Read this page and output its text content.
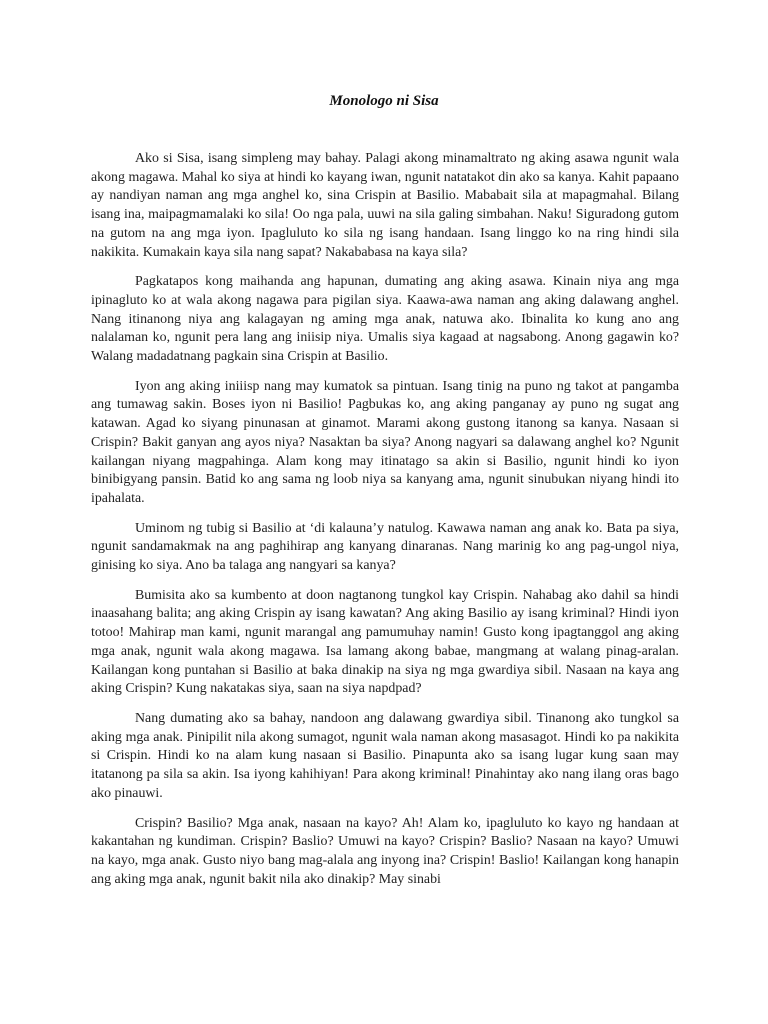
Monologo ni Sisa

Ako si Sisa, isang simpleng may bahay. Palagi akong minamaltrato ng aking asawa ngunit wala akong magawa. Mahal ko siya at hindi ko kayang iwan, ngunit natatakot din ako sa kanya. Kahit papaano ay nandiyan naman ang mga anghel ko, sina Crispin at Basilio. Mababait sila at mapagmahal. Bilang isang ina, maipagmamalaki ko sila! Oo nga pala, uuwi na sila galing simbahan. Naku! Siguradong gutom na gutom na ang mga iyon. Ipagluluto ko sila ng isang handaan. Isang linggo ko na ring hindi sila nakikita. Kumakain kaya sila nang sapat? Nakababasa na kaya sila?

Pagkatapos kong maihanda ang hapunan, dumating ang aking asawa. Kinain niya ang mga ipinagluto ko at wala akong nagawa para pigilan siya. Kaawa-awa naman ang aking dalawang anghel. Nang itinanong niya ang kalagayan ng aming mga anak, natuwa ako. Ibinalita ko kung ano ang nalalaman ko, ngunit pera lang ang iniisip niya. Umalis siya kagaad at nagsabong. Anong gagawin ko? Walang madadatnang pagkain sina Crispin at Basilio.

Iyon ang aking iniiisp nang may kumatok sa pintuan. Isang tinig na puno ng takot at pangamba ang tumawag sakin. Boses iyon ni Basilio! Pagbukas ko, ang aking panganay ay puno ng sugat ang katawan. Agad ko siyang pinunasan at ginamot. Marami akong gustong itanong sa kanya. Nasaan si Crispin? Bakit ganyan ang ayos niya? Nasaktan ba siya? Anong nagyari sa dalawang anghel ko? Ngunit kailangan niyang magpahinga. Alam kong may itinatago sa akin si Basilio, ngunit hindi ko iyon binibigyang pansin. Batid ko ang sama ng loob niya sa kanyang ama, ngunit sinubukan niyang hindi ito ipahalata.

Uminom ng tubig si Basilio at ‘di kalauna’y natulog. Kawawa naman ang anak ko. Bata pa siya, ngunit sandamakmak na ang paghihirap ang kanyang dinaranas. Nang marinig ko ang pag-ungol niya, ginising ko siya. Ano ba talaga ang nangyari sa kanya?

Bumisita ako sa kumbento at doon nagtanong tungkol kay Crispin. Nahabag ako dahil sa hindi inaasahang balita; ang aking Crispin ay isang kawatan? Ang aking Basilio ay isang kriminal? Hindi iyon totoo! Mahirap man kami, ngunit marangal ang pamumuhay namin! Gusto kong ipagtanggol ang aking mga anak, ngunit wala akong magawa. Isa lamang akong babae, mangmang at walang pinag-aralan. Kailangan kong puntahan si Basilio at baka dinakip na siya ng mga gwardiya sibil. Nasaan na kaya ang aking Crispin? Kung nakatakas siya, saan na siya napdpad?

Nang dumating ako sa bahay, nandoon ang dalawang gwardiya sibil. Tinanong ako tungkol sa aking mga anak. Pinipilit nila akong sumagot, ngunit wala naman akong masasagot. Hindi ko pa nakikita si Crispin. Hindi ko na alam kung nasaan si Basilio. Pinapunta ako sa isang lugar kung saan may itatanong pa sila sa akin. Isa iyong kahihiyan! Para akong kriminal! Pinahintay ako nang ilang oras bago ako pinauwi.

Crispin? Basilio? Mga anak, nasaan na kayo? Ah! Alam ko, ipagluluto ko kayo ng handaan at kakantahan ng kundiman. Crispin? Baslio? Umuwi na kayo? Crispin? Baslio? Nasaan na kayo? Umuwi na kayo, mga anak. Gusto niyo bang mag-alala ang inyong ina? Crispin! Baslio! Kailangan kong hanapin ang aking mga anak, ngunit bakit nila ako dinakip? May sinabi
